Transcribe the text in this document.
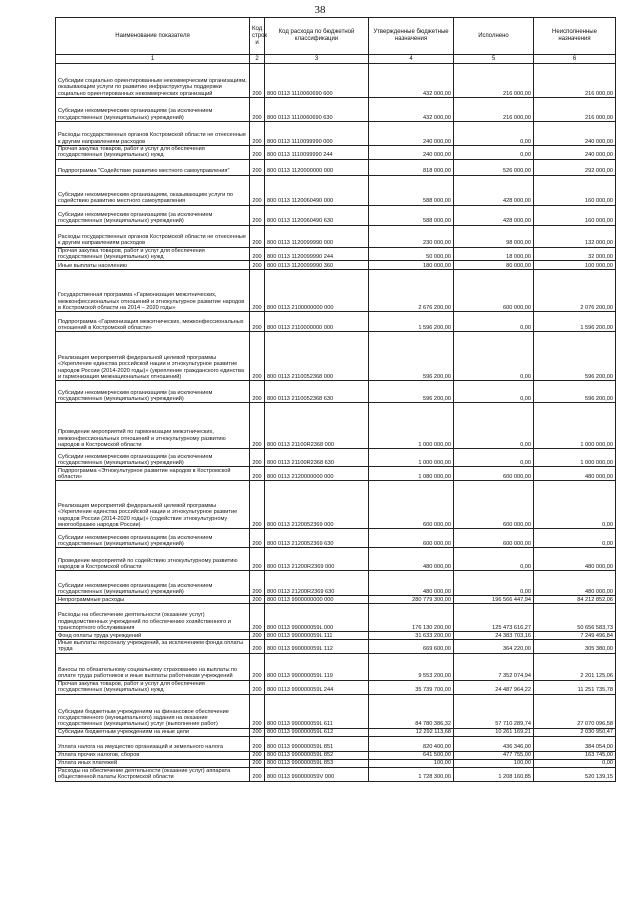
38
Наименование показателя	Код строк и	Код расхода по бюджетной классификации	Утвержденные бюджетные назначения	Исполнено	Неисполненные назначения
1	2	3	4	5	6
Субсидии социально ориентированным некоммерческим организациям, оказывающим услуги по развитию инфраструктуры поддержки социально ориентированных некоммерческих организаций	200	800 0113 1110060690 600	432 000,00	216 000,00	216 000,00
Субсидии некоммерческим организациям (за исключением государственных (муниципальных) учреждений)	200	800 0113 1110060690 630	432 000,00	216 000,00	216 000,00
Расходы государственных органов Костромской области не отнесенные к другим направлениям расходов	200	800 0113 1110099990 000	240 000,00	0,00	240 000,00
Прочая закупка товаров, работ и услуг для обеспечения государственных (муниципальных) нужд	200	800 0113 1110099990 244	240 000,00	0,00	240 000,00
Подпрограмма "Содействие развитию местного самоуправления"	200	800 0113 1120000000 000	818 000,00	526 000,00	292 000,00
Субсидии некоммерческим организациям, оказывающим услуги по содействию развитию местного самоуправления	200	800 0113 1120060490 000	588 000,00	428 000,00	160 000,00
Субсидии некоммерческим организациям (за исключением государственных (муниципальных) учреждений)	200	800 0113 1120060490 630	588 000,00	428 000,00	160 000,00
Расходы государственных органов Костромской области не отнесенные к другим направлениям расходов	200	800 0113 1120099990 000	230 000,00	98 000,00	132 000,00
Прочая закупка товаров, работ и услуг для обеспечения государственных (муниципальных) нужд	200	800 0113 1120099990 244	50 000,00	18 000,00	32 000,00
Иные выплаты населению	200	800 0113 1120099990 360	180 000,00	80 000,00	100 000,00
Государственная программа «Гармонизация межэтнических, межконфессиональных отношений и этнокультурное развитие народов в Костромской области на 2014 – 2020 годы»	200	800 0113 2100000000 000	2 676 200,00	600 000,00	2 076 200,00
Подпрограмма «Гармонизация межэтнических, межконфессиональных отношений в Костромской области»	200	800 0113 2110000000 000	1 596 200,00	0,00	1 596 200,00
Реализация мероприятий федеральной целевой программы «Укрепление единства российской нации и этнокультурное развитие народов России (2014-2020 годы)» (укрепление гражданского единства и гармонизация межнациональных отношений)	200	800 0113 2110052368 000	596 200,00	0,00	596 200,00
Субсидии некоммерческим организациям (за исключением государственных (муниципальных) учреждений)	200	800 0113 2110052368 630	596 200,00	0,00	596 200,00
Проведение мероприятий по гармонизации межэтнических, межконфессиональных отношений и этнокультурному развитию народов в Костромской области	200	800 0113 21100R2368 000	1 000 000,00	0,00	1 000 000,00
Субсидии некоммерческим организациям (за исключением государственных (муниципальных) учреждений)	200	800 0113 21100R2368 630	1 000 000,00	0,00	1 000 000,00
Подпрограмма «Этнокультурное развитие народов в Костромской области»	200	800 0113 2120000000 000	1 080 000,00	600 000,00	480 000,00
Реализация мероприятий федеральной целевой программы «Укрепление единства российской нации и этнокультурное развитие народов России (2014-2020 годы)» (содействие этнокультурному многообразию народов России)	200	800 0113 2120052369 000	600 000,00	600 000,00	0,00
Субсидии некоммерческим организациям (за исключением государственных (муниципальных) учреждений)	200	800 0113 2120052369 630	600 000,00	600 000,00	0,00
Проведение мероприятий по содействию этнокультурному развитию народов в Костромской области	200	800 0113 21200R2369 000	480 000,00	0,00	480 000,00
Субсидии некоммерческим организациям (за исключением государственных (муниципальных) учреждений)	200	800 0113 21200R2369 630	480 000,00	0,00	480 000,00
Непрограммные расходы	200	800 0113 9900000000 000	280 779 300,00	196 566 447,94	84 212 852,06
Расходы на обеспечение деятельности (оказание услуг) подведомственных учреждений по обеспечению хозяйственного и транспортного обслуживания	200	800 0113 990000059L 000	176 130 200,00	125 473 616,27	50 656 583,73
Фонд оплаты труда учреждений	200	800 0113 990000059L 111	31 633 200,00	24 383 703,16	7 249 496,84
Иные выплаты персоналу учреждений, за исключением фонда оплаты труда	200	800 0113 990000059L 112	669 600,00	364 220,00	305 380,00
Взносы по обязательному социальному страхованию на выплаты по оплате труда работников и иные выплаты работникам учреждений	200	800 0113 990000059L 119	9 553 200,00	7 352 074,94	2 201 125,06
Прочая закупка товаров, работ и услуг для обеспечения государственных (муниципальных) нужд	200	800 0113 990000059L 244	35 739 700,00	24 487 964,22	11 251 735,78
Субсидии бюджетным учреждениям на финансовое обеспечение государственного (муниципального) задания на оказание государственных (муниципальных) услуг (выполнение работ)	200	800 0113 990000059L 611	84 780 386,32	57 710 289,74	27 070 096,58
Субсидии бюджетным учреждениям на иные цели	200	800 0113 990000059L 612	12 292 113,68	10 261 169,21	2 030 950,47
Уплата налога на имущество организаций и земельного налога	200	800 0113 990000059L 851	820 400,00	436 346,00	384 054,00
Уплата прочих налогов, сборов	200	800 0113 990000059L 852	641 500,00	477 755,00	163 745,00
Уплата иных платежей	200	800 0113 990000059L 853	100,00	100,00	0,00
Расходы на обеспечение деятельности (оказание услуг) аппарата общественной палаты Костромской области	200	800 0113 990000059V 000	1 728 300,00	1 208 160,85	520 139,15
